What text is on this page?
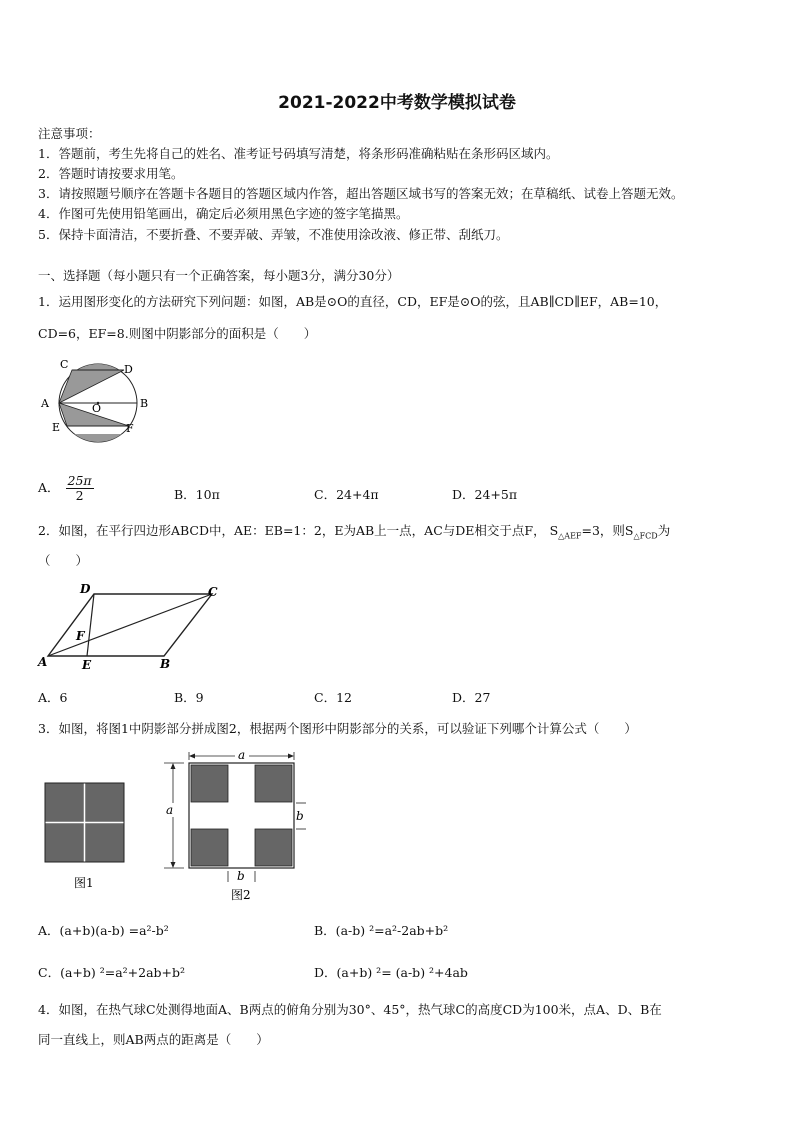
2021-2022中考数学模拟试卷
注意事项：
1．答题前，考生先将自己的姓名、准考证号码填写清楚，将条形码准确粘贴在条形码区域内。
2．答题时请按要求用笔。
3．请按照题号顺序在答题卡各题目的答题区域内作答，超出答题区域书写的答案无效；在草稿纸、试卷上答题无效。
4．作图可先使用铅笔画出，确定后必须用黑色字迹的签字笔描黑。
5．保持卡面清洁，不要折叠、不要弄破、弄皱，不准使用涂改液、修正带、刮纸刀。
一、选择题（每小题只有一个正确答案，每小题3分，满分30分）
1．运用图形变化的方法研究下列问题：如图，AB是⊙O的直径，CD，EF是⊙O的弦，且AB∥CD∥EF，AB=10，
CD=6，EF=8.则图中阴影部分的面积是（　　）
A	B
C	D
E	F
O
A． $\frac{25\pi}{2}$	B．10π	C．24+4π	D．24+5π
2．如图，在平行四边形ABCD中，AE：EB=1：2，E为AB上一点，AC与DE相交于点F， $S_{\triangle AEF}=3$，则$S_{\triangle FCD}$为
（　　）
A	B
C
D
E
F
A．6	B．9	C．12	D．27
3．如图，将图1中阴影部分拼成图2，根据两个图形中阴影部分的关系，可以验证下列哪个计算公式（　　）
图1
a
a	b
b
图2
A．(a+b)(a-b) =a²-b²	B．(a-b) ²=a²-2ab+b²
C．(a+b) ²=a²+2ab+b²	D．(a+b) ²= (a-b) ²+4ab
4．如图，在热气球C处测得地面A、B两点的俯角分别为30°、45°，热气球C的高度CD为100米，点A、D、B在
同一直线上，则AB两点的距离是（　　）
